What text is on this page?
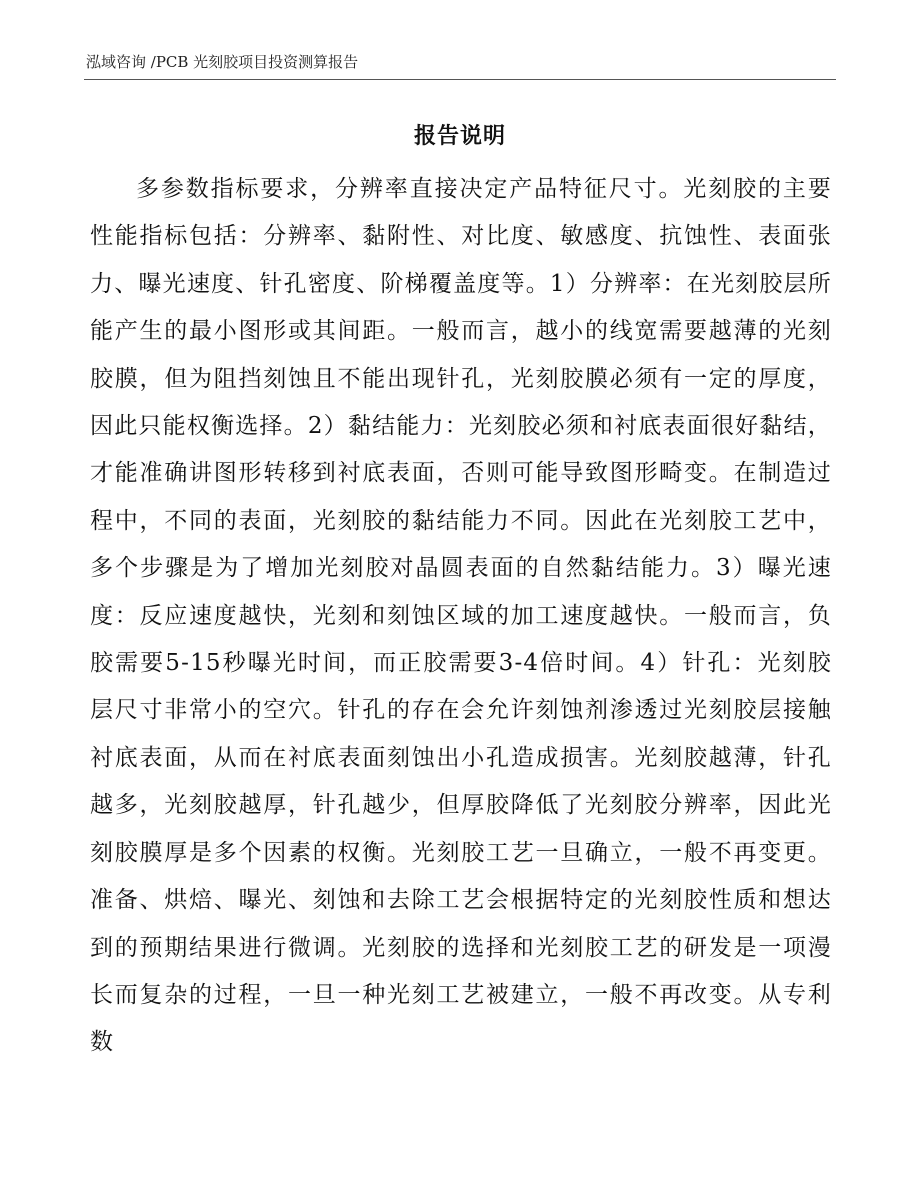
泓域咨询 /PCB 光刻胶项目投资测算报告
报告说明

多参数指标要求，分辨率直接决定产品特征尺寸。光刻胶的主要性能指标包括：分辨率、黏附性、对比度、敏感度、抗蚀性、表面张力、曝光速度、针孔密度、阶梯覆盖度等。1）分辨率：在光刻胶层所能产生的最小图形或其间距。一般而言，越小的线宽需要越薄的光刻胶膜，但为阻挡刻蚀且不能出现针孔，光刻胶膜必须有一定的厚度，因此只能权衡选择。2）黏结能力：光刻胶必须和衬底表面很好黏结，才能准确讲图形转移到衬底表面，否则可能导致图形畸变。在制造过程中，不同的表面，光刻胶的黏结能力不同。因此在光刻胶工艺中，多个步骤是为了增加光刻胶对晶圆表面的自然黏结能力。3）曝光速度：反应速度越快，光刻和刻蚀区域的加工速度越快。一般而言，负胶需要5-15秒曝光时间，而正胶需要3-4倍时间。4）针孔：光刻胶层尺寸非常小的空穴。针孔的存在会允许刻蚀剂渗透过光刻胶层接触衬底表面，从而在衬底表面刻蚀出小孔造成损害。光刻胶越薄，针孔越多，光刻胶越厚，针孔越少，但厚胶降低了光刻胶分辨率，因此光刻胶膜厚是多个因素的权衡。光刻胶工艺一旦确立，一般不再变更。准备、烘焙、曝光、刻蚀和去除工艺会根据特定的光刻胶性质和想达到的预期结果进行微调。光刻胶的选择和光刻胶工艺的研发是一项漫长而复杂的过程，一旦一种光刻工艺被建立，一般不再改变。从专利数
